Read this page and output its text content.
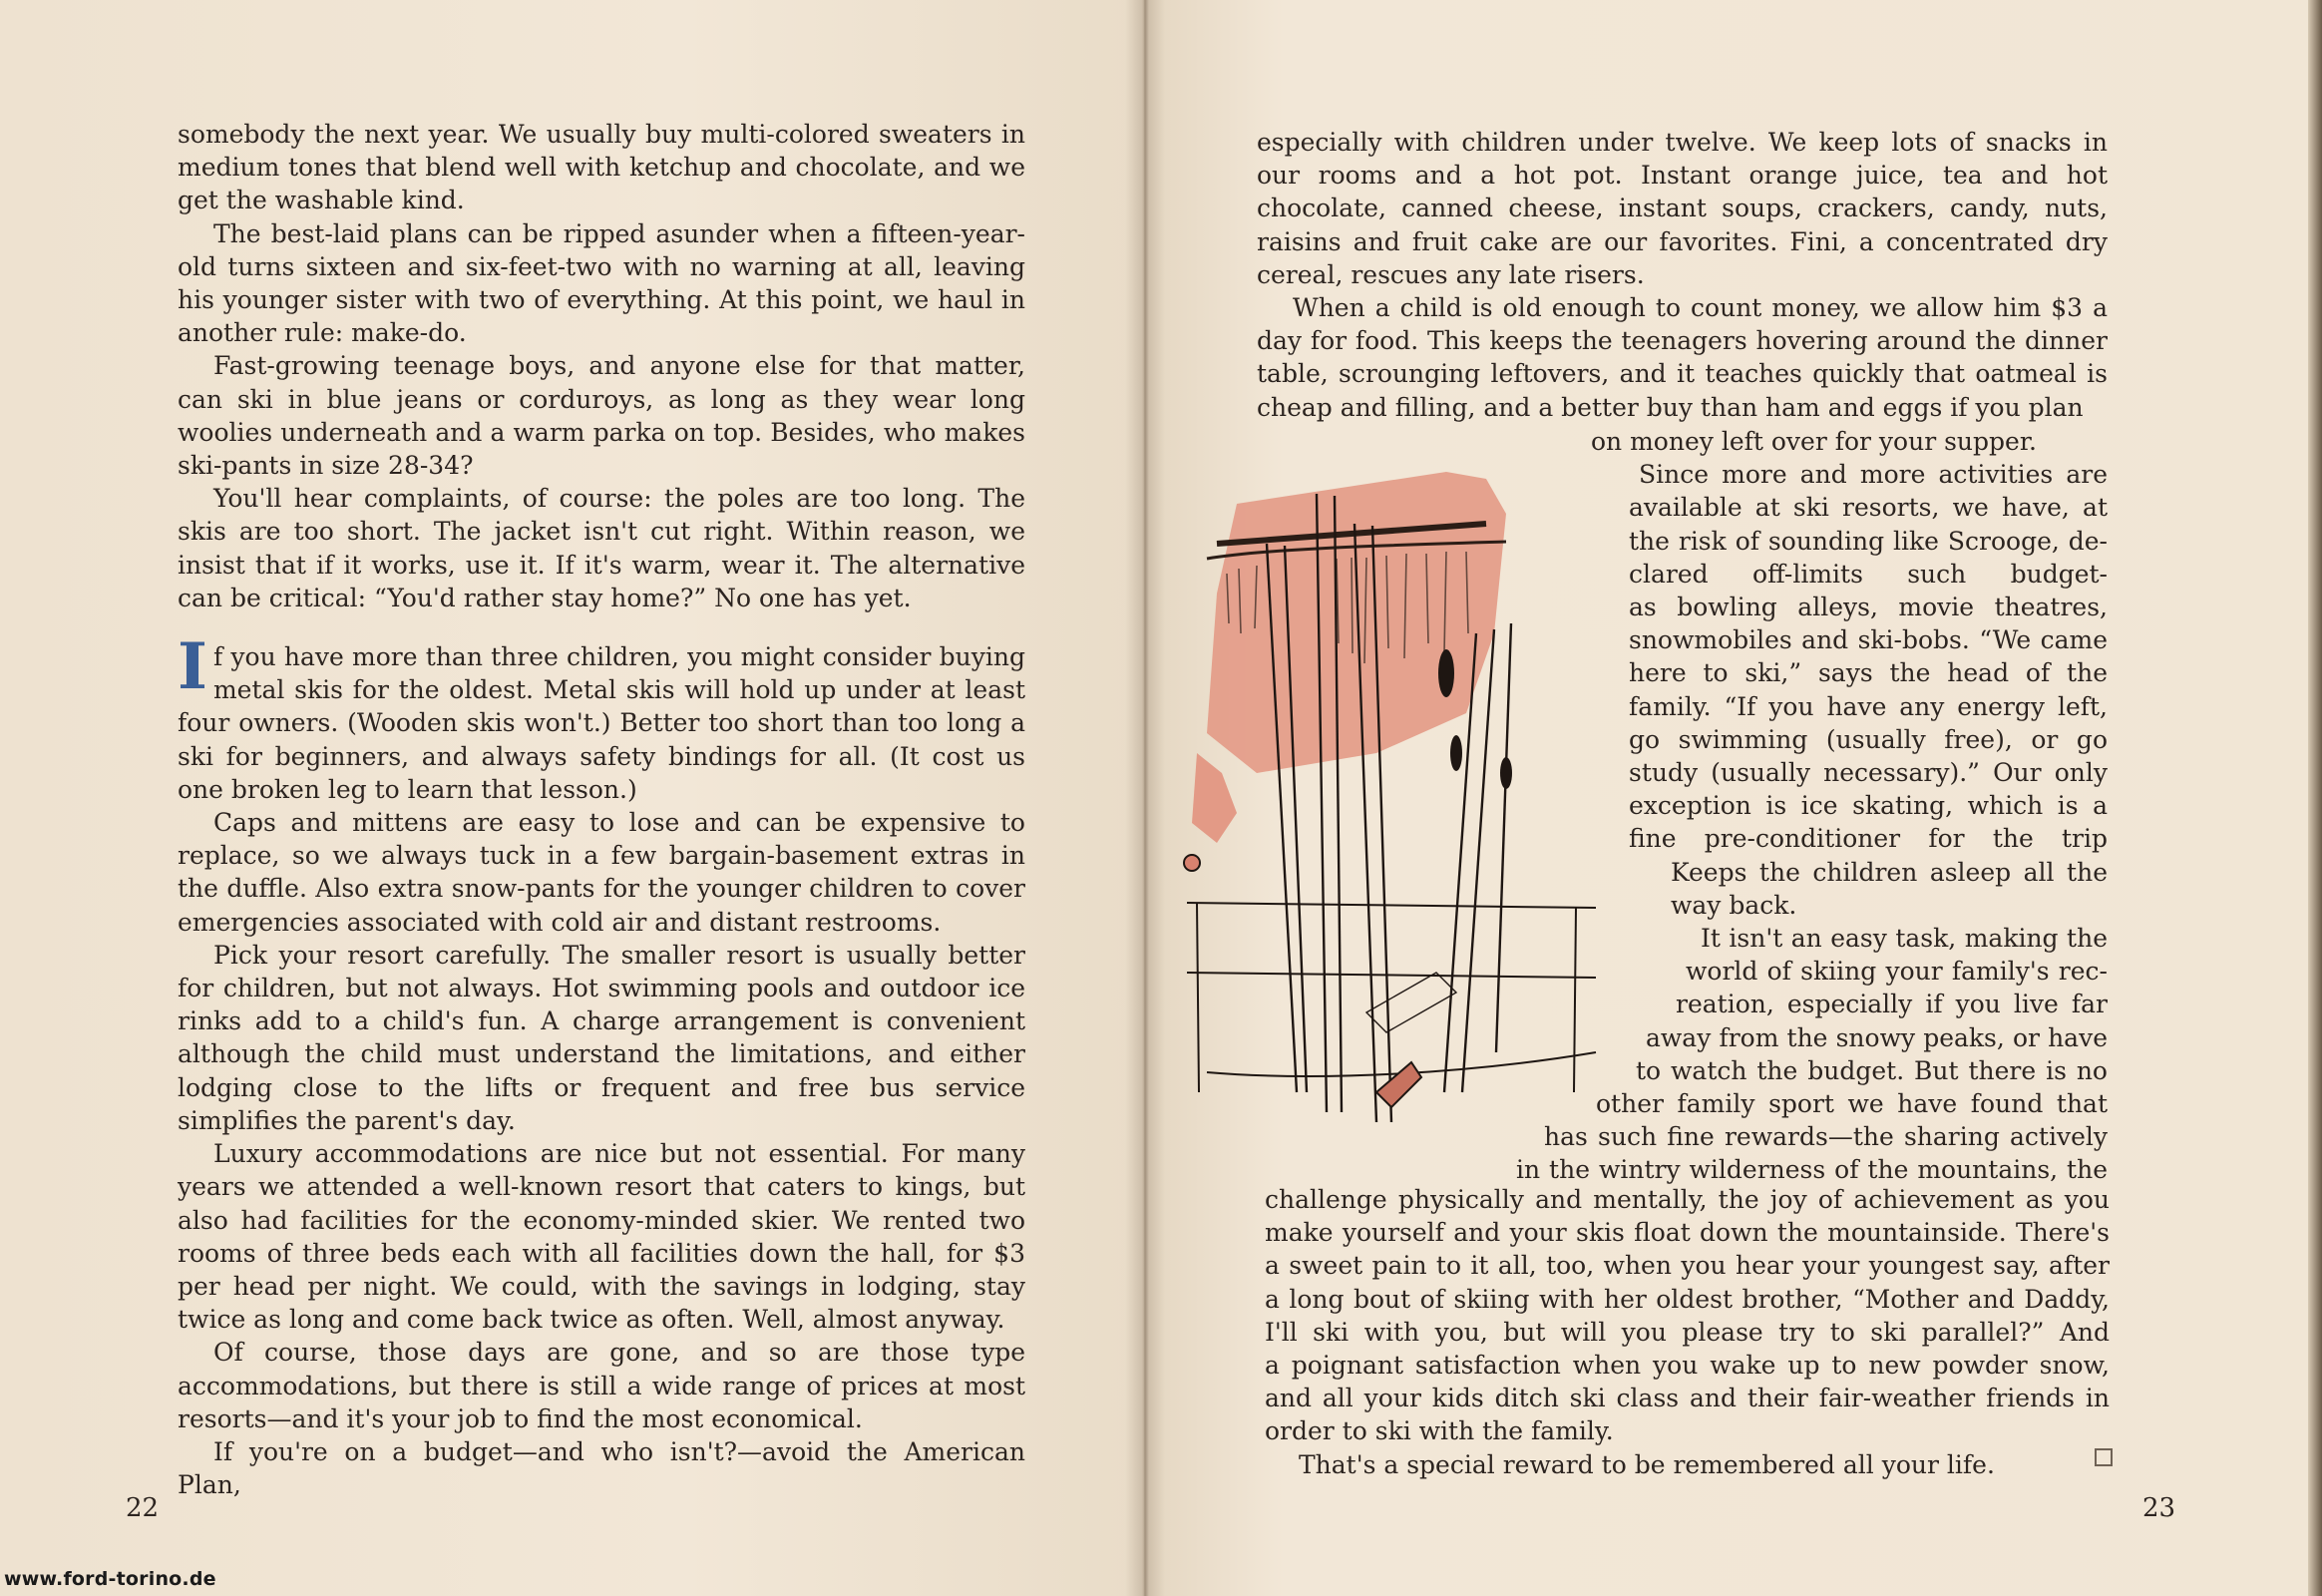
somebody the next year. We usually buy multi-colored sweaters in medium tones that blend well with ketchup and chocolate, and we get the washable kind.

The best-laid plans can be ripped asunder when a fifteen-year-old turns sixteen and six-feet-two with no warning at all, leaving his younger sister with two of everything. At this point, we haul in another rule: make-do.

Fast-growing teenage boys, and anyone else for that matter, can ski in blue jeans or corduroys, as long as they wear long woolies underneath and a warm parka on top. Besides, who makes ski-pants in size 28-34?

You'll hear complaints, of course: the poles are too long. The skis are too short. The jacket isn't cut right. Within reason, we insist that if it works, use it. If it's warm, wear it. The alternative can be critical: “You'd rather stay home?” No one has yet.

If you have more than three children, you might consider buying metal skis for the oldest. Metal skis will hold up under at least four owners. (Wooden skis won't.) Better too short than too long a ski for beginners, and always safety bindings for all. (It cost us one broken leg to learn that lesson.)

Caps and mittens are easy to lose and can be expensive to replace, so we always tuck in a few bargain-basement extras in the duffle. Also extra snow-pants for the younger children to cover emergencies associated with cold air and distant restrooms.

Pick your resort carefully. The smaller resort is usually better for children, but not always. Hot swimming pools and outdoor ice rinks add to a child's fun. A charge arrangement is convenient although the child must understand the limitations, and either lodging close to the lifts or frequent and free bus service simplifies the parent's day.

Luxury accommodations are nice but not essential. For many years we attended a well-known resort that caters to kings, but also had facilities for the economy-minded skier. We rented two rooms of three beds each with all facilities down the hall, for $3 per head per night. We could, with the savings in lodging, stay twice as long and come back twice as often. Well, almost anyway.

Of course, those days are gone, and so are those type accommodations, but there is still a wide range of prices at most resorts—and it's your job to find the most economical.

If you're on a budget—and who isn't?—avoid the American Plan,

22

especially with children under twelve. We keep lots of snacks in our rooms and a hot pot. Instant orange juice, tea and hot chocolate, canned cheese, instant soups, crackers, candy, nuts, raisins and fruit cake are our favorites. Fini, a concentrated dry cereal, rescues any late risers.

When a child is old enough to count money, we allow him $3 a day for food. This keeps the teenagers hovering around the dinner table, scrounging leftovers, and it teaches quickly that oatmeal is cheap and filling, and a better buy than ham and eggs if you plan

on money left over for your supper.
Since more and more activities are
available at ski resorts, we have, at
the risk of sounding like Scrooge, de-
clared off-limits such budget-
as bowling alleys, movie theatres,
snowmobiles and ski-bobs. “We came
here to ski,” says the head of the
family. “If you have any energy left,
go swimming (usually free), or go
study (usually necessary).” Our only
exception is ice skating, which is a
fine pre-conditioner for the trip
Keeps the children asleep all the
way back.
It isn't an easy task, making the
world of skiing your family's rec-
reation, especially if you live far
away from the snowy peaks, or have
to watch the budget. But there is no
other family sport we have found that
has such fine rewards—the sharing actively
in the wintry wilderness of the mountains, the
challenge physically and mentally, the joy of achievement as you
make yourself and your skis float down the mountainside. There's
a sweet pain to it all, too, when you hear your youngest say, after
a long bout of skiing with her oldest brother, “Mother and Daddy,
I'll ski with you, but will you please try to ski parallel?” And
a poignant satisfaction when you wake up to new powder snow,
and all your kids ditch ski class and their fair-weather friends in
order to ski with the family.
That's a special reward to be remembered all your life.
23
www.ford-torino.de
